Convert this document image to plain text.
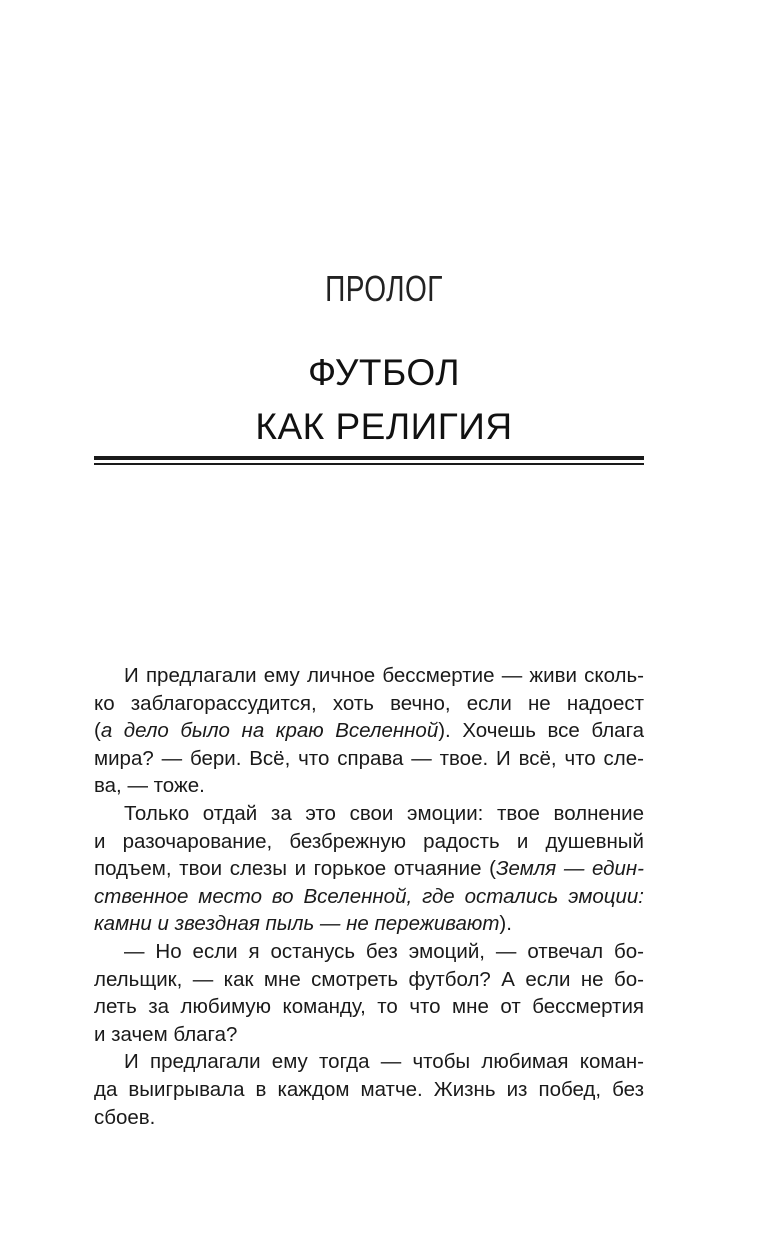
ПРОЛОГ
ФУТБОЛ
КАК РЕЛИГИЯ
И предлагали ему личное бессмертие — живи сколь-
ко заблагорассудится, хоть вечно, если не надоест
(а дело было на краю Вселенной). Хочешь все блага
мира? — бери. Всё, что справа — твое. И всё, что сле-
ва, — тоже.
Только отдай за это свои эмоции: твое волнение
и разочарование, безбрежную радость и душевный
подъем, твои слезы и горькое отчаяние (Земля — един-
ственное место во Вселенной, где остались эмоции:
камни и звездная пыль — не переживают).
— Но если я останусь без эмоций, — отвечал бо-
лельщик, — как мне смотреть футбол? А если не бо-
леть за любимую команду, то что мне от бессмертия
и зачем блага?
И предлагали ему тогда — чтобы любимая коман-
да выигрывала в каждом матче. Жизнь из побед, без
сбоев.
